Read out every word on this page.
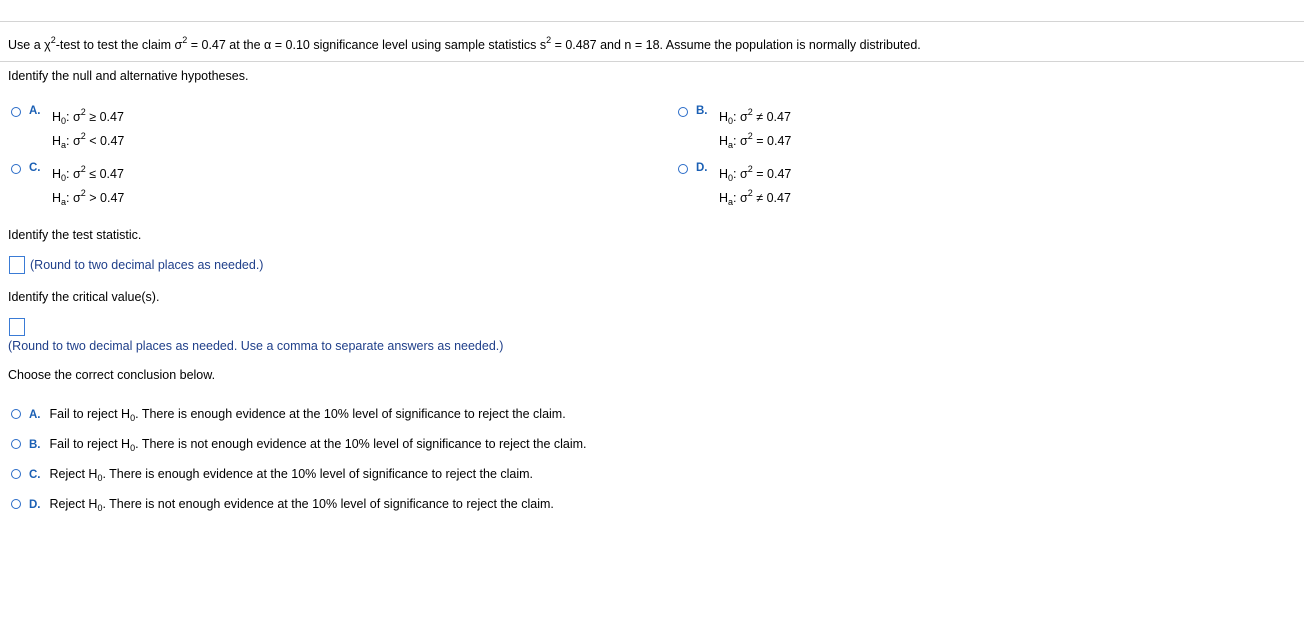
Use a $\chi^2$-test to test the claim $\sigma^2 = 0.47$ at the α = 0.10 significance level using sample statistics $s^2 = 0.487$ and n = 18. Assume the population is normally distributed.
Identify the null and alternative hypotheses.
A. $H_0$: $\sigma^2 \ge 0.47$
$H_a$: $\sigma^2 < 0.47$
B. $H_0$: $\sigma^2 \ne 0.47$
$H_a$: $\sigma^2 = 0.47$
C. $H_0$: $\sigma^2 \le 0.47$
$H_a$: $\sigma^2 > 0.47$
D. $H_0$: $\sigma^2 = 0.47$
$H_a$: $\sigma^2 \ne 0.47$
Identify the test statistic.
(Round to two decimal places as needed.)
Identify the critical value(s).
(Round to two decimal places as needed. Use a comma to separate answers as needed.)
Choose the correct conclusion below.
A. Fail to reject $H_0$. There is enough evidence at the 10% level of significance to reject the claim.
B. Fail to reject $H_0$. There is not enough evidence at the 10% level of significance to reject the claim.
C. Reject $H_0$. There is enough evidence at the 10% level of significance to reject the claim.
D. Reject $H_0$. There is not enough evidence at the 10% level of significance to reject the claim.
